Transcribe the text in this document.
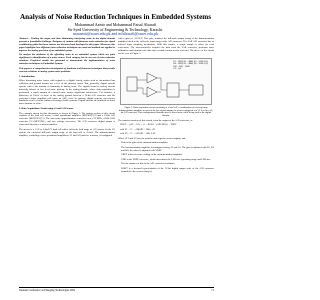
Analysis of Noise Reduction Techniques in Embedded Systems
Mohammad Aamir and Mohammad Faisal Alsarafi
Sir Syed University of Engineering & Technology, Karachi.
maaamir@ssuet.edu.pk and mfalsarafi@ssuet.edu.pk

Abstract— Finding the origin and then eliminating interfering noise in the digital domain presents a formidable challenge. Designers of systems with firmware noise reduction for signal conditioning paths that have sensors are discussed and developed in this paper. Moreover, this paper highlights how different noise reduction techniques are used and methods are applied to improve the analog precision of an embedded system.

We analyze the attributes of the offending noise in an embedded system, which are quite significant in identification of a noise source. Each category has its own set of noise reduction solutions. Graphical results are presented to demonstrate the implementation of noise reduction techniques in Embedded Systems.

This paper is a comprehensive investigation of hardware and firmware techniques that provide concrete solutions to analog system noise problems.

1. Introduction

When discussing noise issues with regards to a digital circuit, topics such as intermittent bus collisions and ground bounce are a few of the primary issues. But, generally, digital circuits operate with a fair amount of immunity to analog noise. The signals found in analog circuits internally behave at low level noise pick-up. In the analog domain, where data acquisition is performed, a small amount of external noise causes significant interference. For instance, a difference of 10mV of noise in the analog ground between a 12-bit A/D converter and the converter's driver amplifier will cause an ADC error. In contrast, digital systems can tolerate hundreds of mV of noise without effecting reliable systems. Digital circuits are hundreds of times more immune to noise.

2. Data Acquisition Circuit using a Load Cell Sensor

The example circuit for this discussion is shown in Figure 1. The analog section of this circuit consists of the load cell sensor, a dual operational amplifier (MCP602) [2] and a 12-bit A/D converter (MCP3201) [1]. The successive approximation converter uses a 22 MHz, 4 kHz SAR converter [2] (MCP3201), and two voltage references. The A/D converter digital output is connected directly to a microcontroller.

The sensor is a 1.5V to 2.6mV/V load cell with a full-scale load range of ±32 ounces. In the 5V system, the electrical full-scale output range of the load cell is ±10mV. The instrumentation amplifier, consisting of two operational amplifiers (A1 and A2) and five resistors, is configured

with a gain of +153V/V. This gain, matches the full-scale output swing of the instrumentation amplifier block to the full-scale input range of the A/D converter. The SAR A/D converter has an internal input sampling mechanism. With this feature, a single sample is taken for each conversion. The microcontroller acquires the data from the SAR converter, performs some calibration and translates the data into a usable format for the end user. The pieces of the circuit can be seen in Figure 1.

R1 = 390Ω, R2 = 49kΩ, R3 = 30kΩ (1%)
R4 = 390Ω, R5 = 49kΩ, R6 = 30kΩ (1%)
RS1 = RS2 = 500Ω
CS = 1µF
Figure 1: Data acquisition circuit consisting of a load cell, a combination of a two-op-amp instrumentation amplifier to convert the low signal output of a sensor configured to a 5V level to a 12-bit A/D converter. This configuration illustrates how to detect noise while being used in the digital domain.

The transfer function of this circuit, from the output of the A/D converter, is:

VOUT = ((V1 − V2) × (1 + R2/R1 + (2R2/RG))) + VREF
with V1 = V+ × R4/(R3 + R4) ± δV
with V2 = V+ × R3/(R3 + R4) ∓ δV

Where (V1 and V2) are the positive and negative sensor outputs, and

Gain is the gain of the instrumentation amplifier

The instrumentation amplifier is configured using A1 and A2. The gain is adjusted with R1, R2 and RG; the offset is adjusted with VREF.

VREF is the reference voltage of the instrumentation amplifier.

VDD is the VREF reference, which determines the LSB size (operating range and LSB size.

N is the number of bits in the A/D converter resolution.

DOUT is a decimal representation of the 12-bit digital output code of the A/D converter (rounded to the nearest integer).

National Conference on Emerging Technologies 2004	71
